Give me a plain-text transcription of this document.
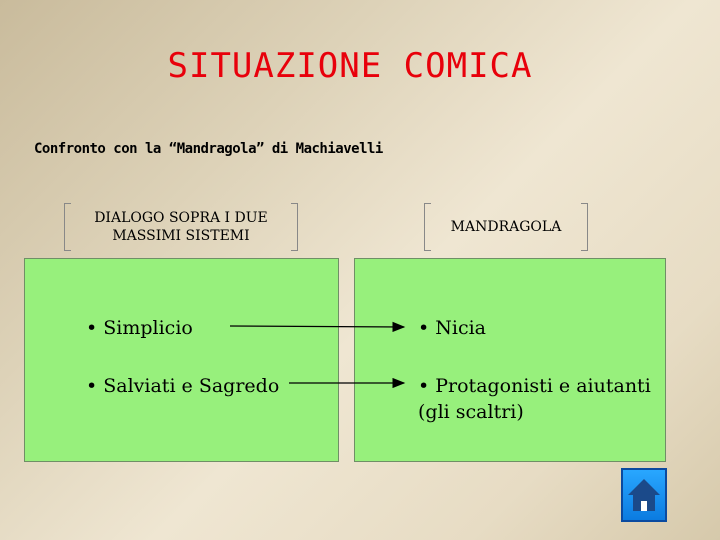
SITUAZIONE COMICA
Confronto con la “Mandragola” di Machiavelli
DIALOGO SOPRA I DUE MASSIMI SISTEMI
MANDRAGOLA
• Simplicio	• Nicia
• Salviati e Sagredo	• Protagonisti e aiutanti (gli scaltri)
